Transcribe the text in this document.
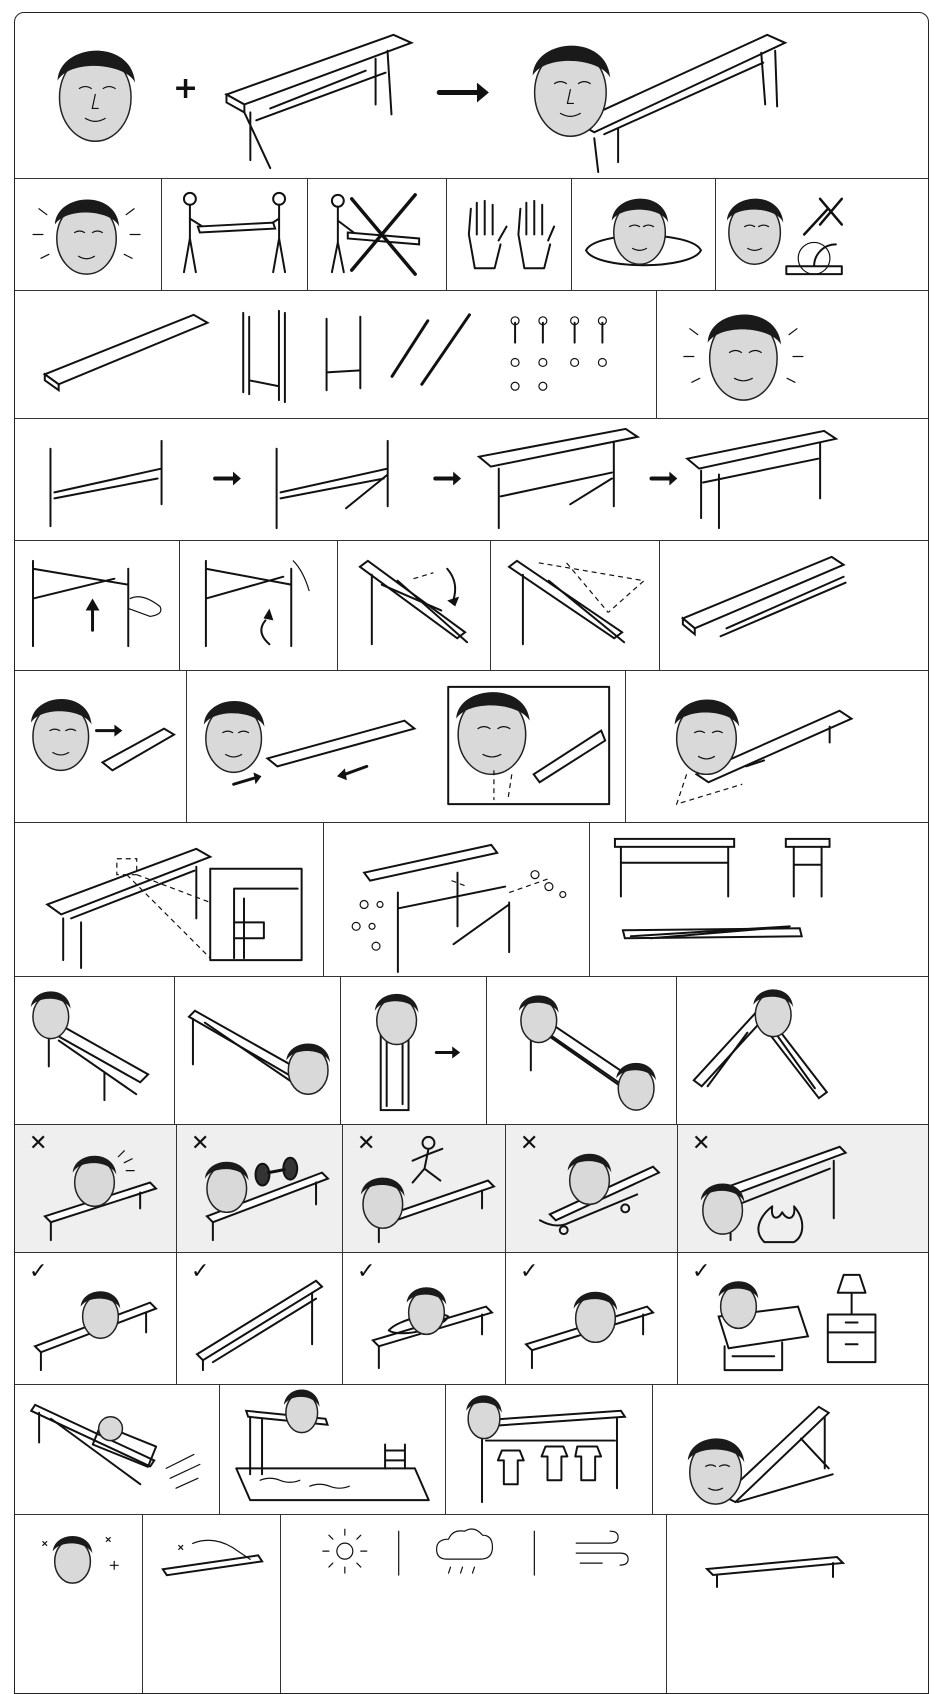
+
✕	✕	✕	✕	✕
✓	✓	✓	✓	✓
